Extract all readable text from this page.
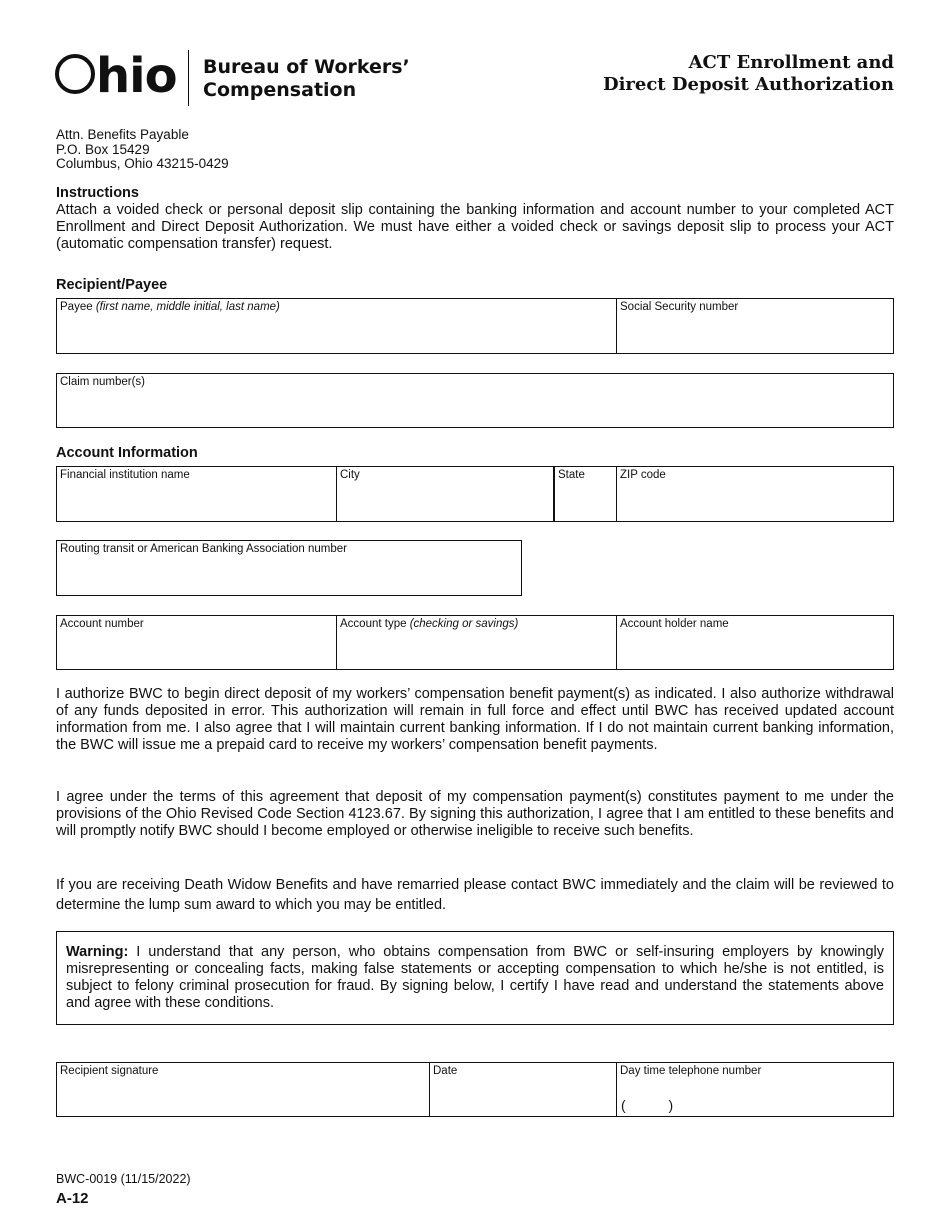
hio Bureau of Workers’
Compensation
ACT Enrollment and
Direct Deposit Authorization
Attn. Benefits Payable
P.O. Box 15429
Columbus, Ohio 43215-0429
Instructions
Attach a voided check or personal deposit slip containing the banking information and account number to your completed ACT Enrollment and Direct Deposit Authorization. We must have either a voided check or savings deposit slip to process your ACT (automatic compensation transfer) request.
Recipient/Payee
Payee (first name, middle initial, last name)	Social Security number
Claim number(s)
Account Information
Financial institution name	City	State	ZIP code
Routing transit or American Banking Association number
Account number	Account type (checking or savings)	Account holder name
I authorize BWC to begin direct deposit of my workers’ compensation benefit payment(s) as indicated. I also authorize withdrawal of any funds deposited in error. This authorization will remain in full force and effect until BWC has received updated account information from me. I also agree that I will maintain current banking information. If I do not maintain current banking information, the BWC will issue me a prepaid card to receive my workers’ compensation benefit payments.
I agree under the terms of this agreement that deposit of my compensation payment(s) constitutes payment to me under the provisions of the Ohio Revised Code Section 4123.67. By signing this authorization, I agree that I am entitled to these benefits and will promptly notify BWC should I become employed or otherwise ineligible to receive such benefits.
If you are receiving Death Widow Benefits and have remarried please contact BWC immediately and the claim will be reviewed to determine the lump sum award to which you may be entitled.
Warning: I understand that any person, who obtains compensation from BWC or self-insuring employers by knowingly misrepresenting or concealing facts, making false statements or accepting compensation to which he/she is not entitled, is subject to felony criminal prosecution for fraud. By signing below, I certify I have read and understand the statements above and agree with these conditions.
Recipient signature	Date	Day time telephone number
(           )
BWC-0019 (11/15/2022)
A-12
